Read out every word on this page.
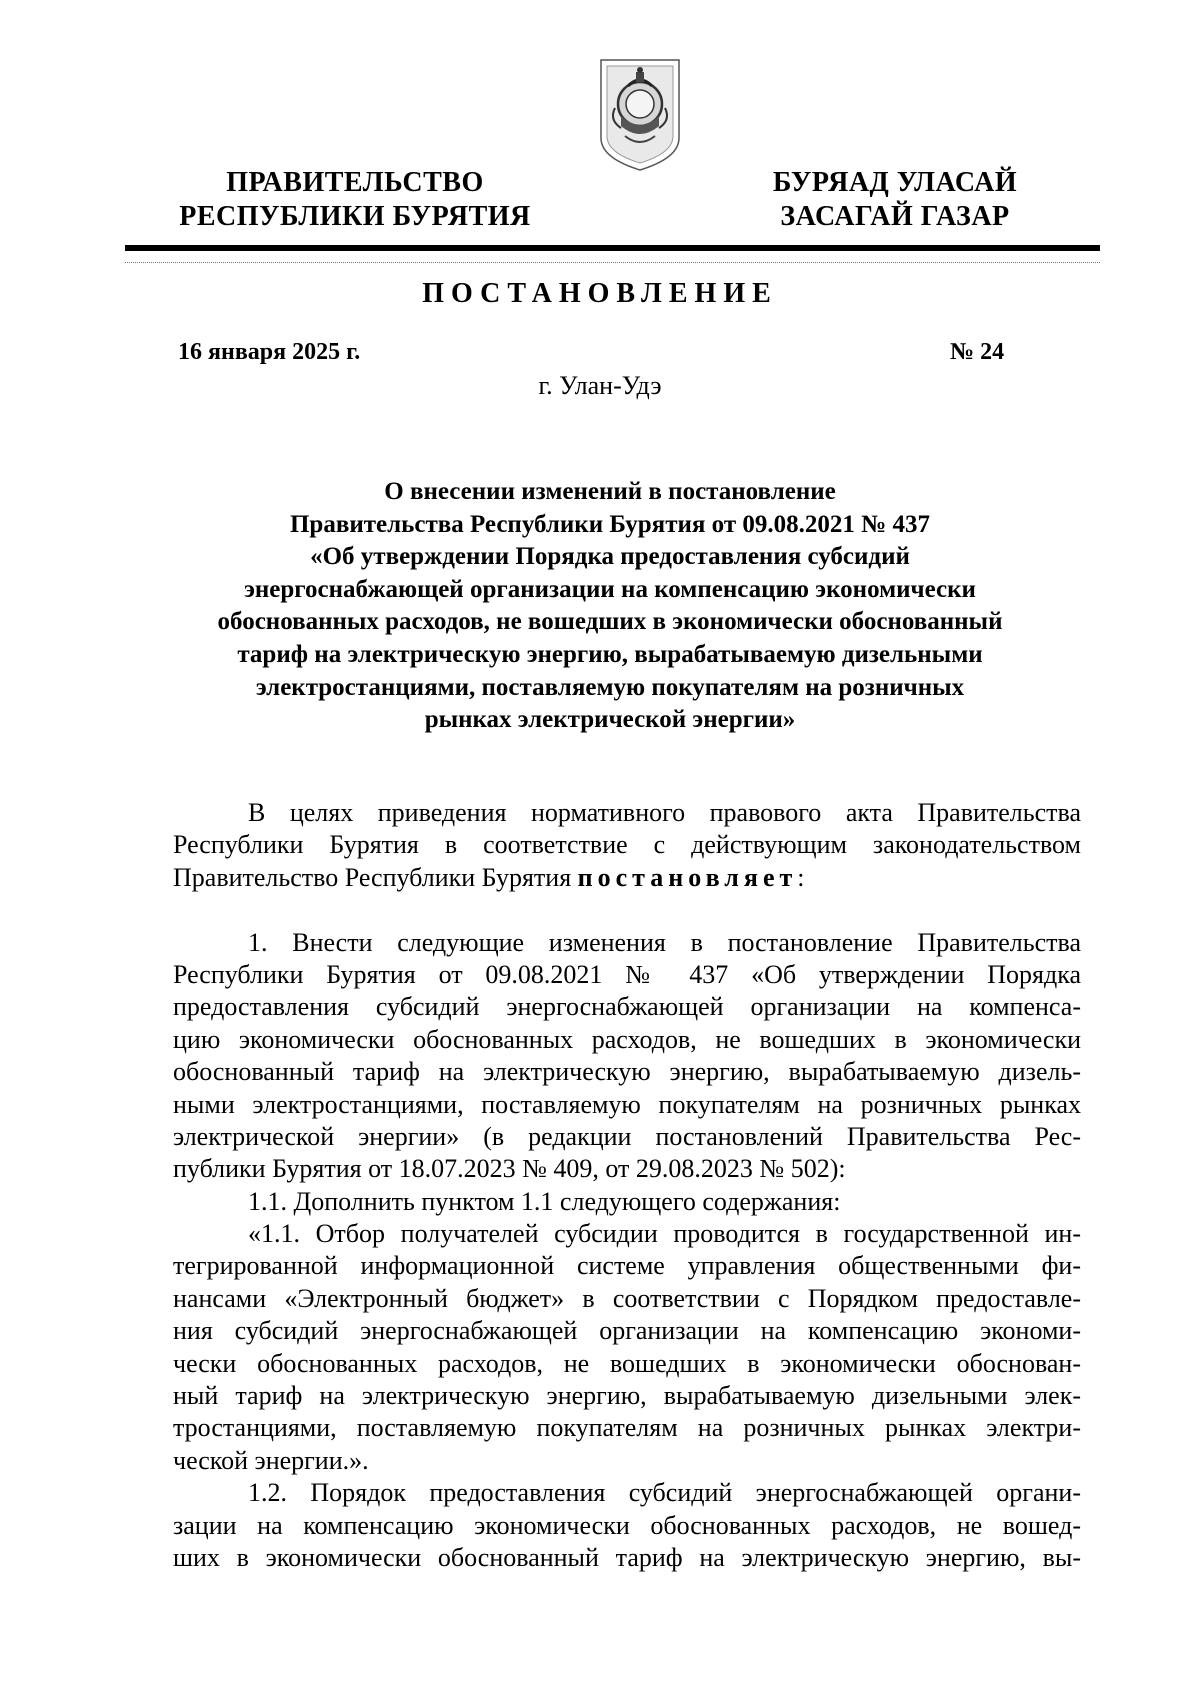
ПРАВИТЕЛЬСТВО
РЕСПУБЛИКИ БУРЯТИЯ
БУРЯАД УЛАСАЙ
ЗАСАГАЙ ГАЗАР
ПОСТАНОВЛЕНИЕ
16 января 2025 г.	№ 24
г. Улан-Удэ
О внесении изменений в постановление
Правительства Республики Бурятия от 09.08.2021 № 437
«Об утверждении Порядка предоставления субсидий
энергоснабжающей организации на компенсацию экономически
обоснованных расходов, не вошедших в экономически обоснованный
тариф на электрическую энергию, вырабатываемую дизельными
электростанциями, поставляемую покупателям на розничных
рынках электрической энергии»
В целях приведения нормативного правового акта Правительства
Республики Бурятия в соответствие с действующим законодательством
Правительство Республики Бурятия постановляет:
1. Внести следующие изменения в постановление Правительства
Республики Бурятия от 09.08.2021 № 437 «Об утверждении Порядка
предоставления субсидий энергоснабжающей организации на компенса-
цию экономически обоснованных расходов, не вошедших в экономически
обоснованный тариф на электрическую энергию, вырабатываемую дизель-
ными электростанциями, поставляемую покупателям на розничных рынках
электрической энергии» (в редакции постановлений Правительства Рес-
публики Бурятия от 18.07.2023 № 409, от 29.08.2023 № 502):
1.1. Дополнить пунктом 1.1 следующего содержания:
«1.1. Отбор получателей субсидии проводится в государственной ин-
тегрированной информационной системе управления общественными фи-
нансами «Электронный бюджет» в соответствии с Порядком предоставле-
ния субсидий энергоснабжающей организации на компенсацию экономи-
чески обоснованных расходов, не вошедших в экономически обоснован-
ный тариф на электрическую энергию, вырабатываемую дизельными элек-
тростанциями, поставляемую покупателям на розничных рынках электри-
ческой энергии.».
1.2. Порядок предоставления субсидий энергоснабжающей органи-
зации на компенсацию экономически обоснованных расходов, не вошед-
ших в экономически обоснованный тариф на электрическую энергию, вы-
